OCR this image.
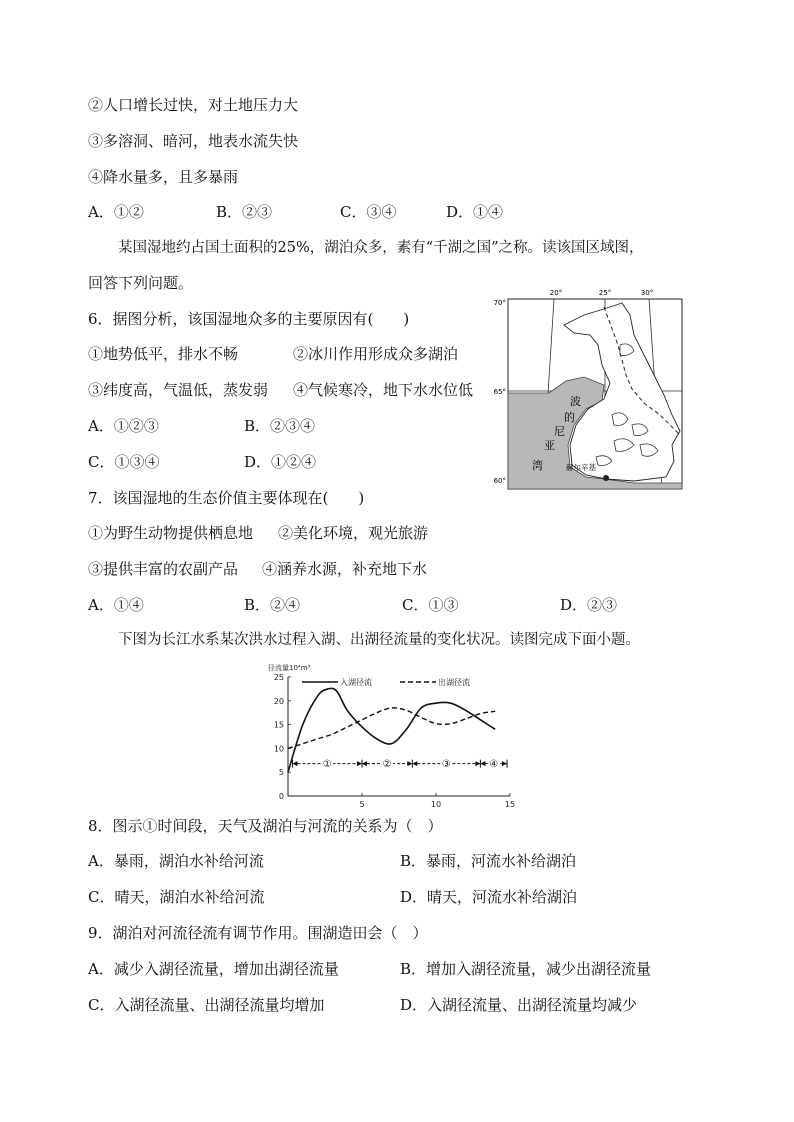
②人口增长过快，对土地压力大
③多溶洞、暗河，地表水流失快
④降水量多，且多暴雨
A．①②	B．②③	C．③④	D．①④
某国湿地约占国土面积的25%，湖泊众多，素有“千湖之国”之称。读该国区域图，
回答下列问题。
6．据图分析，该国湿地众多的主要原因有(　　)
①地势低平，排水不畅	②冰川作用形成众多湖泊
③纬度高，气温低，蒸发弱 ④气候寒冷，地下水水位低
A．①②③	B．②③④
C．①③④	D．①②④
20°	25°	30°
70°
65°
60°
波
的
尼
亚
湾	赫尔辛基
7．该国湿地的生态价值主要体现在(　　)
①为野生动物提供栖息地 ②美化环境，观光旅游
③提供丰富的农副产品 ④涵养水源，补充地下水
A．①④	B．②④	C．①③	D．②③
下图为长江水系某次洪水过程入湖、出湖径流量的变化状况。读图完成下面小题。
0
5
10
15
20
25
5	10	15
径流量10⁴m³
入湖径流	出湖径流
①	②	③	④
8．图示①时间段，天气及湖泊与河流的关系为（　）
A．暴雨，湖泊水补给河流	B．暴雨，河流水补给湖泊
C．晴天，湖泊水补给河流	D．晴天，河流水补给湖泊
9．湖泊对河流径流有调节作用。围湖造田会（　）
A．减少入湖径流量，增加出湖径流量	B．增加入湖径流量，减少出湖径流量
C．入湖径流量、出湖径流量均增加	D．入湖径流量、出湖径流量均减少
